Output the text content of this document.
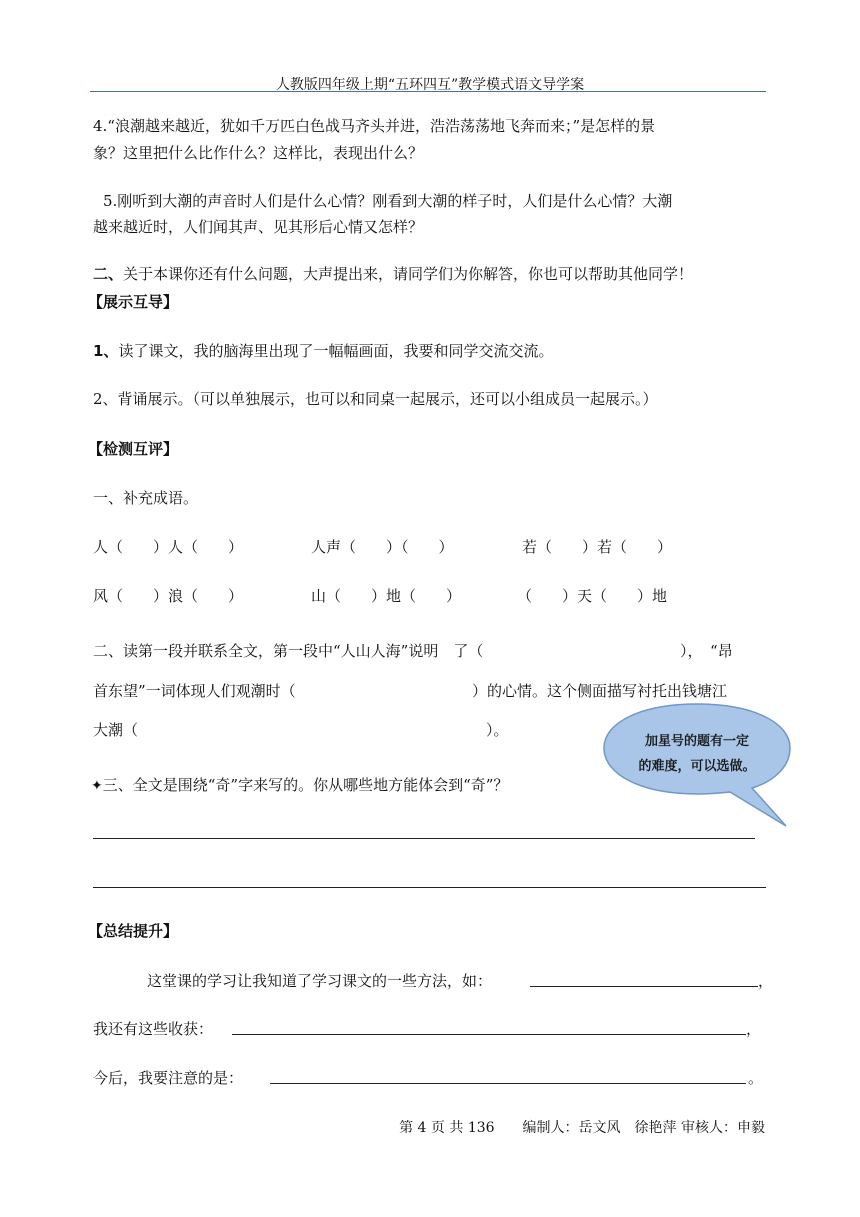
人教版四年级上期“五环四互”教学模式语文导学案
4.“浪潮越来越近，犹如千万匹白色战马齐头并进，浩浩荡荡地飞奔而来；”是怎样的景
象？这里把什么比作什么？这样比，表现出什么？
5.刚听到大潮的声音时人们是什么心情？刚看到大潮的样子时，人们是什么心情？大潮
越来越近时，人们闻其声、见其形后心情又怎样？
二、关于本课你还有什么问题，大声提出来，请同学们为你解答，你也可以帮助其他同学！
【展示互导】
1、读了课文，我的脑海里出现了一幅幅画面，我要和同学交流交流。
2、背诵展示。（可以单独展示，也可以和同桌一起展示，还可以小组成员一起展示。）
【检测互评】
一、补充成语。
人（　　）人（　　）	人声（　　）（　　）	若（　　）若（　　）
风（　　）浪（　　）	山（　　）地（　　）	（　　）天（　　）地
二、读第一段并联系全文，第一段中“人山人海”说明　了（	），　“昂
首东望”一词体现人们观潮时（	）的心情。这个侧面描写衬托出钱塘江
大潮（	）。
加星号的题有一定
的难度，可以选做。
✦三、全文是围绕“奇”字来写的。你从哪些地方能体会到“奇”？
【总结提升】
这堂课的学习让我知道了学习课文的一些方法，如：	，
我还有这些收获：	，
今后，我要注意的是：	。
第 4 页 共 136　　编制人：岳文风　徐艳萍 审核人：申毅
